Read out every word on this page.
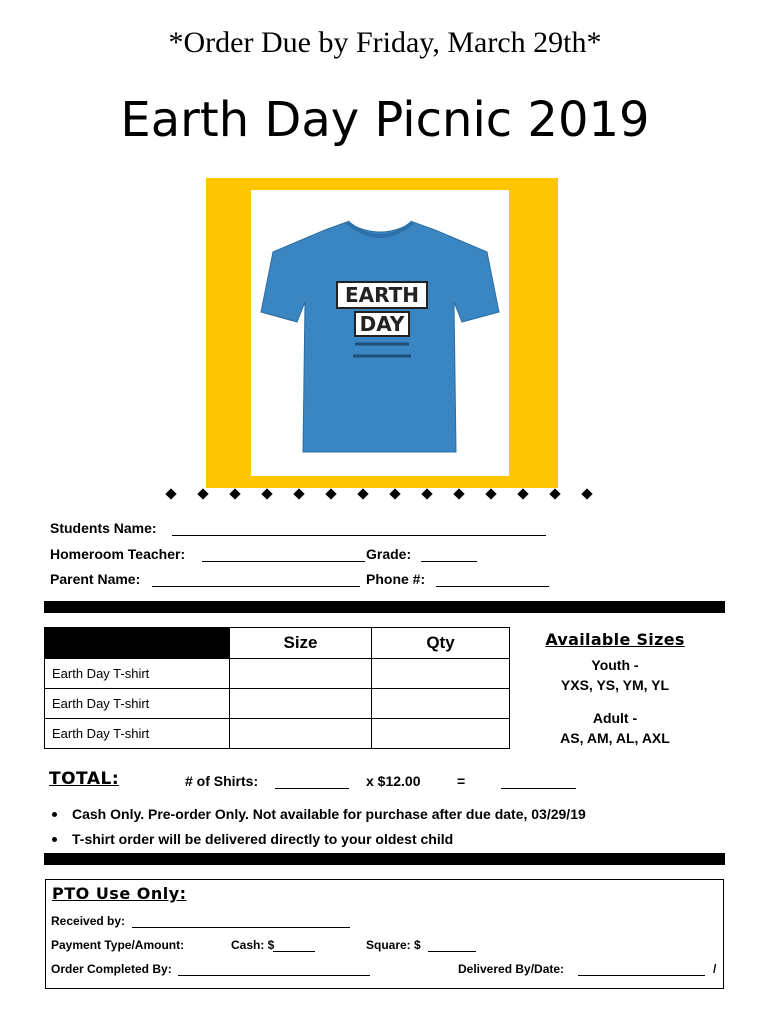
*Order Due by Friday, March 29th*
Earth Day Picnic 2019
EARTH
DAY
Students Name:
Homeroom Teacher:	Grade:
Parent Name:	Phone #:
	Size	Qty
Earth Day T-shirt		
Earth Day T-shirt		
Earth Day T-shirt		
Available Sizes
Youth -
YXS, YS, YM, YL
Adult -
AS, AM, AL, AXL
TOTAL:	# of Shirts:	x $12.00	=
Cash Only. Pre-order Only. Not available for purchase after due date, 03/29/19
T-shirt order will be delivered directly to your oldest child
PTO Use Only:
Received by:
Payment Type/Amount:	Cash: $	Square: $
Order Completed By:	Delivered By/Date:	/
